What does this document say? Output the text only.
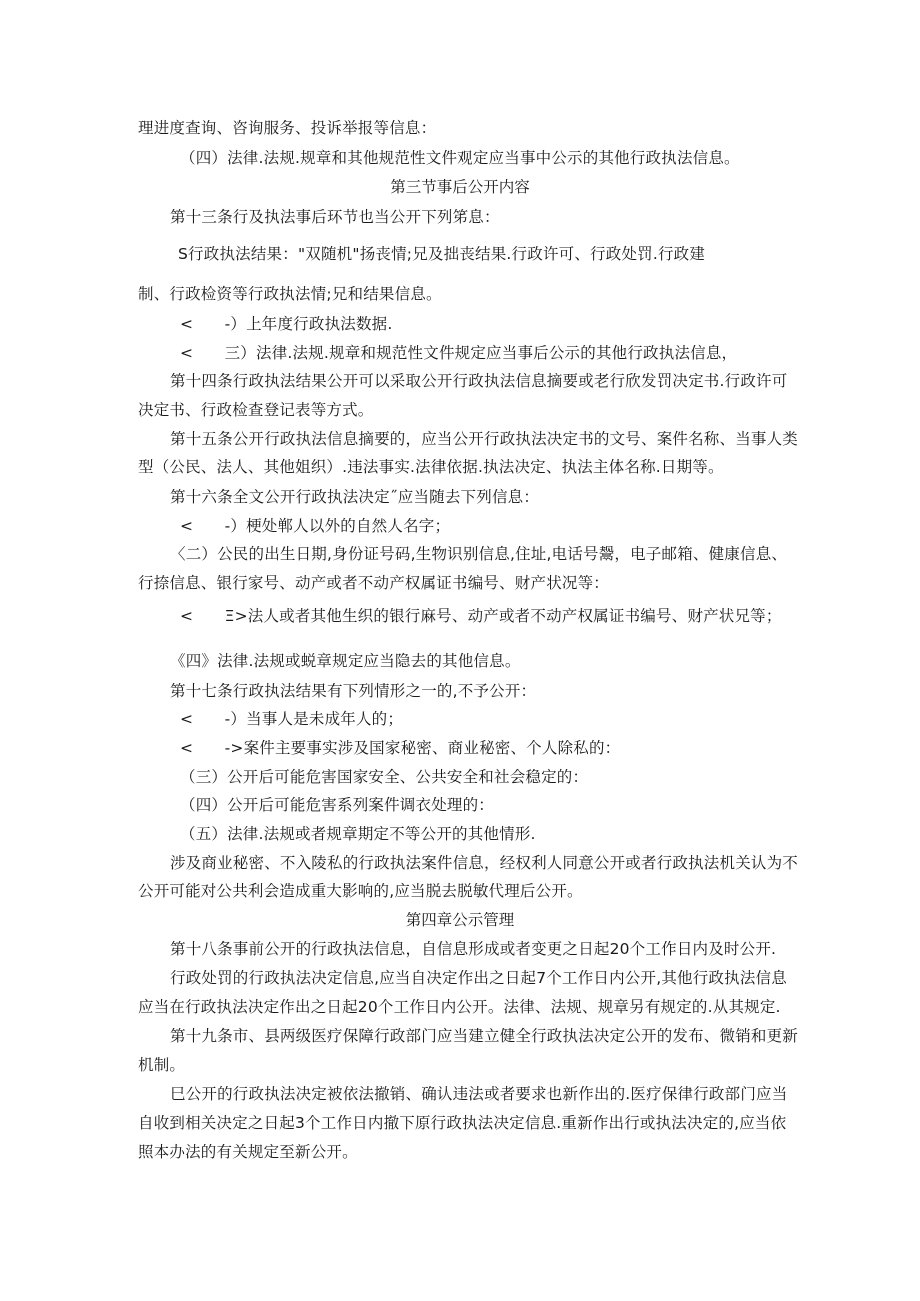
理进度查询、咨询服务、投诉举报等信息：
（四）法律.法规.规章和其他规范性文件观定应当事中公示的其他行政执法信息。
第三节事后公开内容
第十三条行及执法事后环节也当公开下列笫息：
S行政执法结果："双随机"扬丧情;兄及拙丧结果.行政许可、行政处罚.行政建
制、行政检资等行政执法情;兄和结果信息。
<　　-）上年度行政执法数据.
<　　三）法律.法规.规章和规范性文件规定应当事后公示的其他行政执法信息，
第十四条行政执法结果公开可以采取公开行政执法信息摘要或老行欣发罚决定书.行政许可
决定书、行政检查登记表等方式。
第十五条公开行政执法信息摘要的，应当公开行政执法决定书的文号、案件名称、当事人类
型（公民、法人、其他姐织）.违法事实.法律依据.执法决定、执法主体名称.日期等。
第十六条全文公开行政执法决定˝应当随去下列信息：
<　　-）梗处郸人以外的自然人名字；
〈二）公民的出生日期,身份证号码,生物识别信息,住址,电话号鬶，电子邮箱、健康信息、
行捺信息、银行家号、动产或者不动产权属证书编号、财产状况等：
<　　Ξ>法人或者其他生织的银行麻号、动产或者不动产权属证书编号、财产状兄等；
《四》法律.法规或蜕章规定应当隐去的其他信息。
第十七条行政执法结果有下列情形之一的,不予公开：
<　　-）当事人是未成年人的；
<　　->案件主要事实涉及国家秘密、商业秘密、个人除私的：
（三）公开后可能危害国家安全、公共安全和社会稳定的：
（四）公开后可能危害系列案件调衣处理的：
（五）法律.法规或者规章期定不等公开的其他情形.
涉及商业秘密、不入陵私的行政执法案件信息，经权利人同意公开或者行政执法机关认为不
公开可能对公共利会造成重大影响的,应当脱去脱敏代理后公开。
第四章公示管理
第十八条事前公开的行政执法信息，自信息形成或者变更之日起20个工作日内及时公开.
行政处罚的行政执法决定信息,应当自决定作出之日起7个工作日内公开,其他行政执法信息
应当在行政执法决定作出之日起20个工作日内公开。法律、法规、规章另有规定的.从其规定.
第十九条市、县两级医疗保障行政部门应当建立健全行政执法决定公开的发布、微销和更新
机制。
巳公开的行政执法决定被依法撤销、确认违法或者要求也新作出的.医疗保律行政部门应当
自收到相关决定之日起3个工作日内撤下原行政执法决定信息.重新作出行或执法决定的,应当依
照本办法的有关规定至新公开。
